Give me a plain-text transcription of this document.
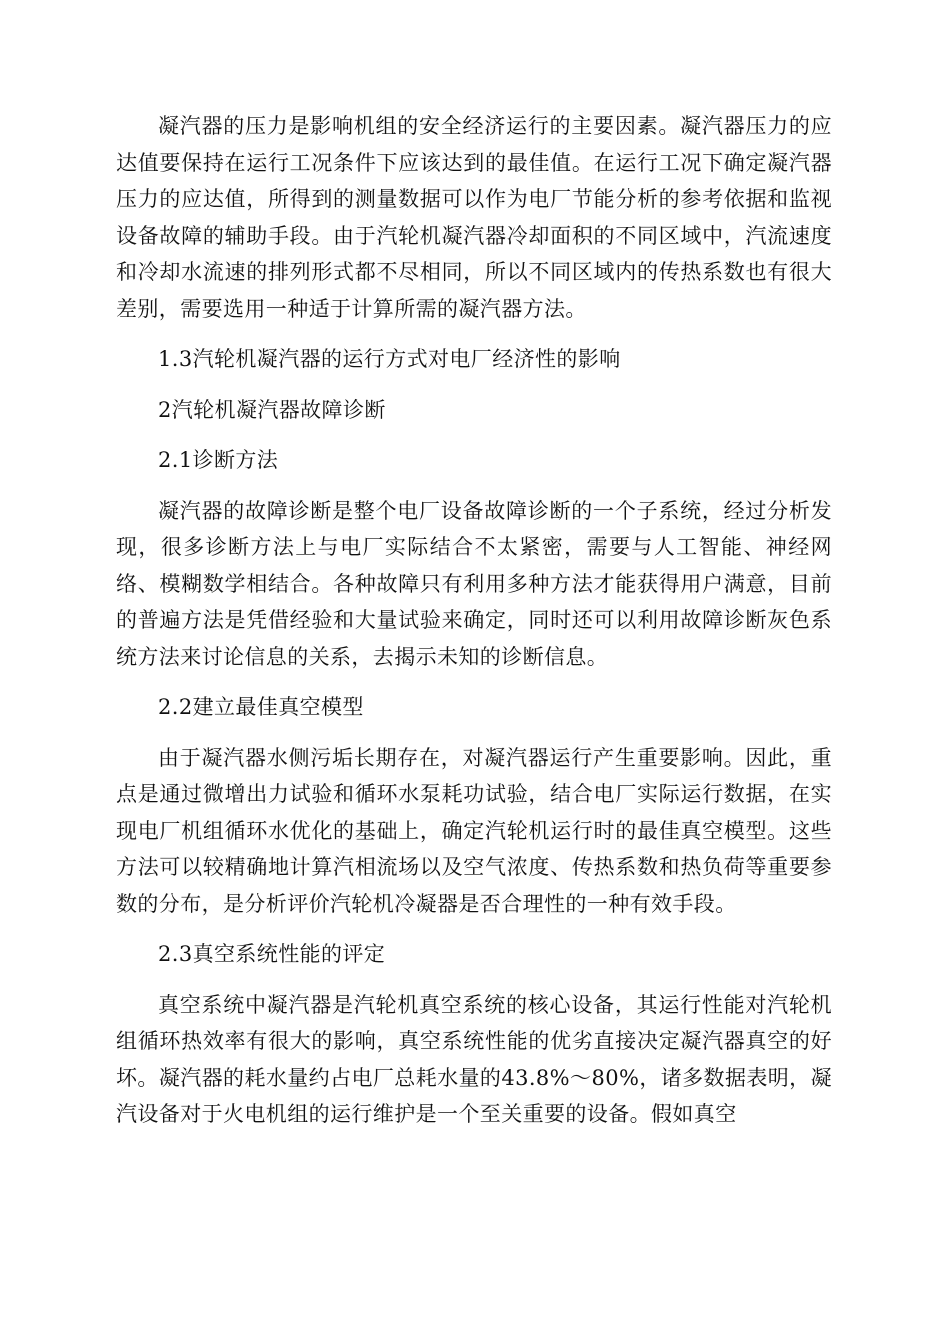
凝汽器的压力是影响机组的安全经济运行的主要因素。凝汽器压力的应达值要保持在运行工况条件下应该达到的最佳值。在运行工况下确定凝汽器压力的应达值，所得到的测量数据可以作为电厂节能分析的参考依据和监视设备故障的辅助手段。由于汽轮机凝汽器冷却面积的不同区域中，汽流速度和冷却水流速的排列形式都不尽相同，所以不同区域内的传热系数也有很大差别，需要选用一种适于计算所需的凝汽器方法。

1.3汽轮机凝汽器的运行方式对电厂经济性的影响

2汽轮机凝汽器故障诊断

2.1诊断方法

凝汽器的故障诊断是整个电厂设备故障诊断的一个子系统，经过分析发现，很多诊断方法上与电厂实际结合不太紧密，需要与人工智能、神经网络、模糊数学相结合。各种故障只有利用多种方法才能获得用户满意，目前的普遍方法是凭借经验和大量试验来确定，同时还可以利用故障诊断灰色系统方法来讨论信息的关系，去揭示未知的诊断信息。

2.2建立最佳真空模型

由于凝汽器水侧污垢长期存在，对凝汽器运行产生重要影响。因此，重点是通过微增出力试验和循环水泵耗功试验，结合电厂实际运行数据，在实现电厂机组循环水优化的基础上，确定汽轮机运行时的最佳真空模型。这些方法可以较精确地计算汽相流场以及空气浓度、传热系数和热负荷等重要参数的分布，是分析评价汽轮机冷凝器是否合理性的一种有效手段。

2.3真空系统性能的评定

真空系统中凝汽器是汽轮机真空系统的核心设备，其运行性能对汽轮机组循环热效率有很大的影响，真空系统性能的优劣直接决定凝汽器真空的好坏。凝汽器的耗水量约占电厂总耗水量的43.8%～80%，诸多数据表明，凝汽设备对于火电机组的运行维护是一个至关重要的设备。假如真空
